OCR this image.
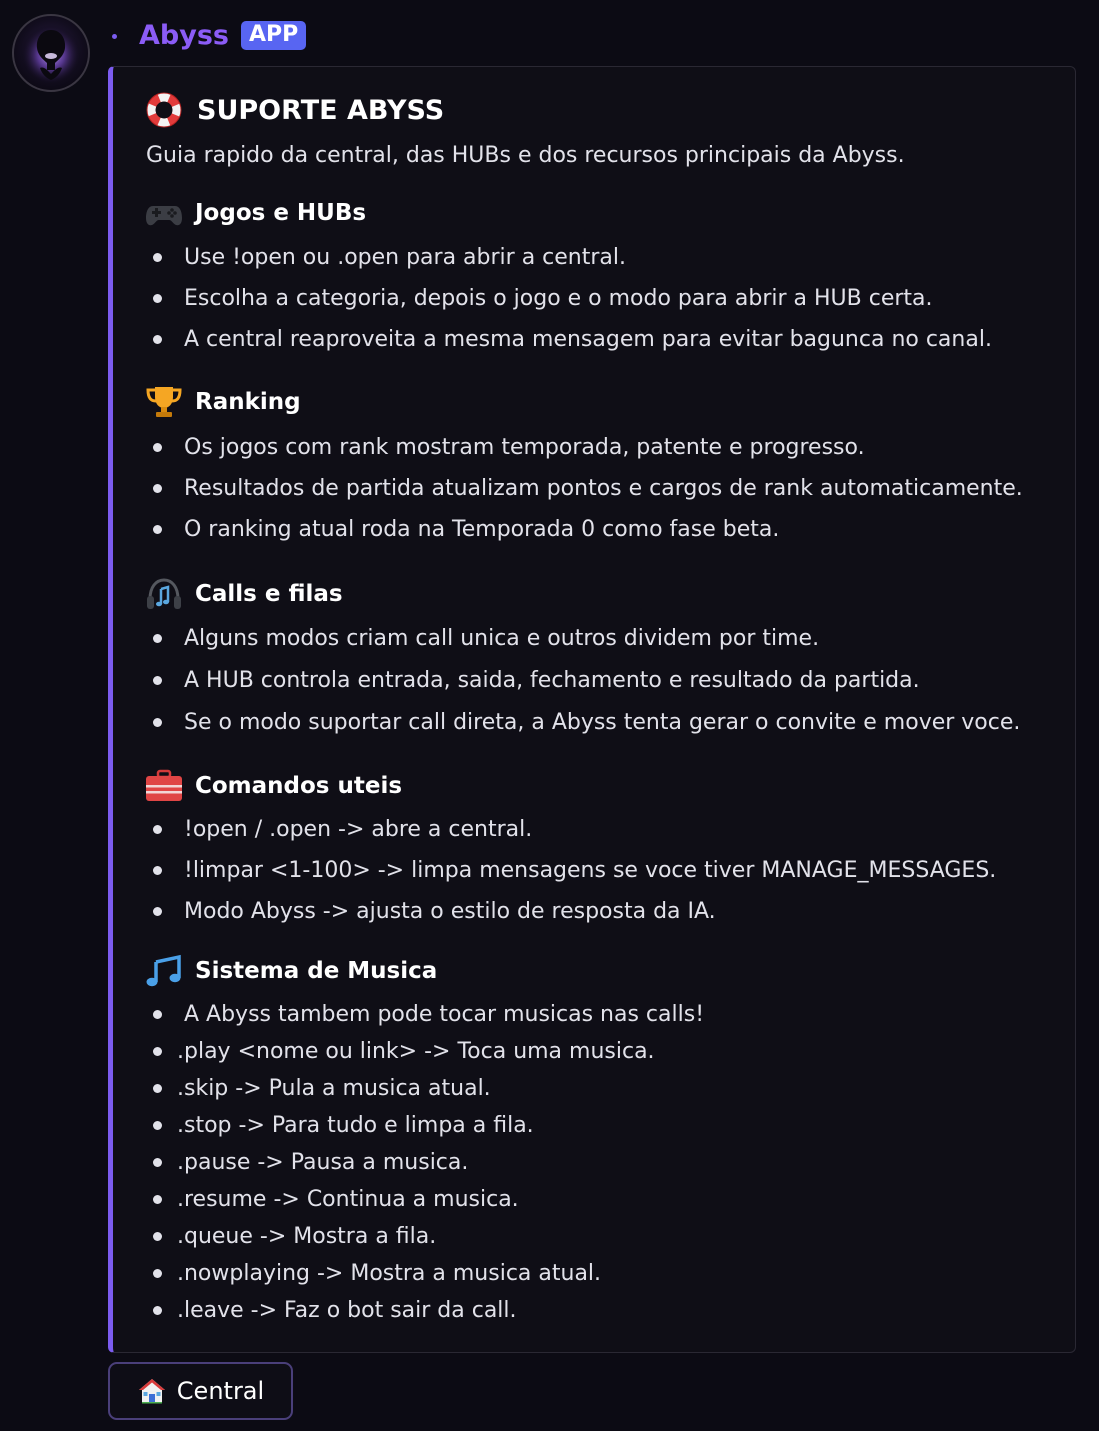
Abyss APP
SUPORTE ABYSS
Guia rapido da central, das HUBs e dos recursos principais da Abyss.
Jogos e HUBs
Use !open ou .open para abrir a central.
Escolha a categoria, depois o jogo e o modo para abrir a HUB certa.
A central reaproveita a mesma mensagem para evitar bagunca no canal.
Ranking
Os jogos com rank mostram temporada, patente e progresso.
Resultados de partida atualizam pontos e cargos de rank automaticamente.
O ranking atual roda na Temporada 0 como fase beta.
Calls e filas
Alguns modos criam call unica e outros dividem por time.
A HUB controla entrada, saida, fechamento e resultado da partida.
Se o modo suportar call direta, a Abyss tenta gerar o convite e mover voce.
Comandos uteis
!open / .open -> abre a central.
!limpar <1-100> -> limpa mensagens se voce tiver MANAGE_MESSAGES.
Modo Abyss -> ajusta o estilo de resposta da IA.
Sistema de Musica
A Abyss tambem pode tocar musicas nas calls!
.play <nome ou link> -> Toca uma musica.
.skip -> Pula a musica atual.
.stop -> Para tudo e limpa a fila.
.pause -> Pausa a musica.
.resume -> Continua a musica.
.queue -> Mostra a fila.
.nowplaying -> Mostra a musica atual.
.leave -> Faz o bot sair da call.
Central
